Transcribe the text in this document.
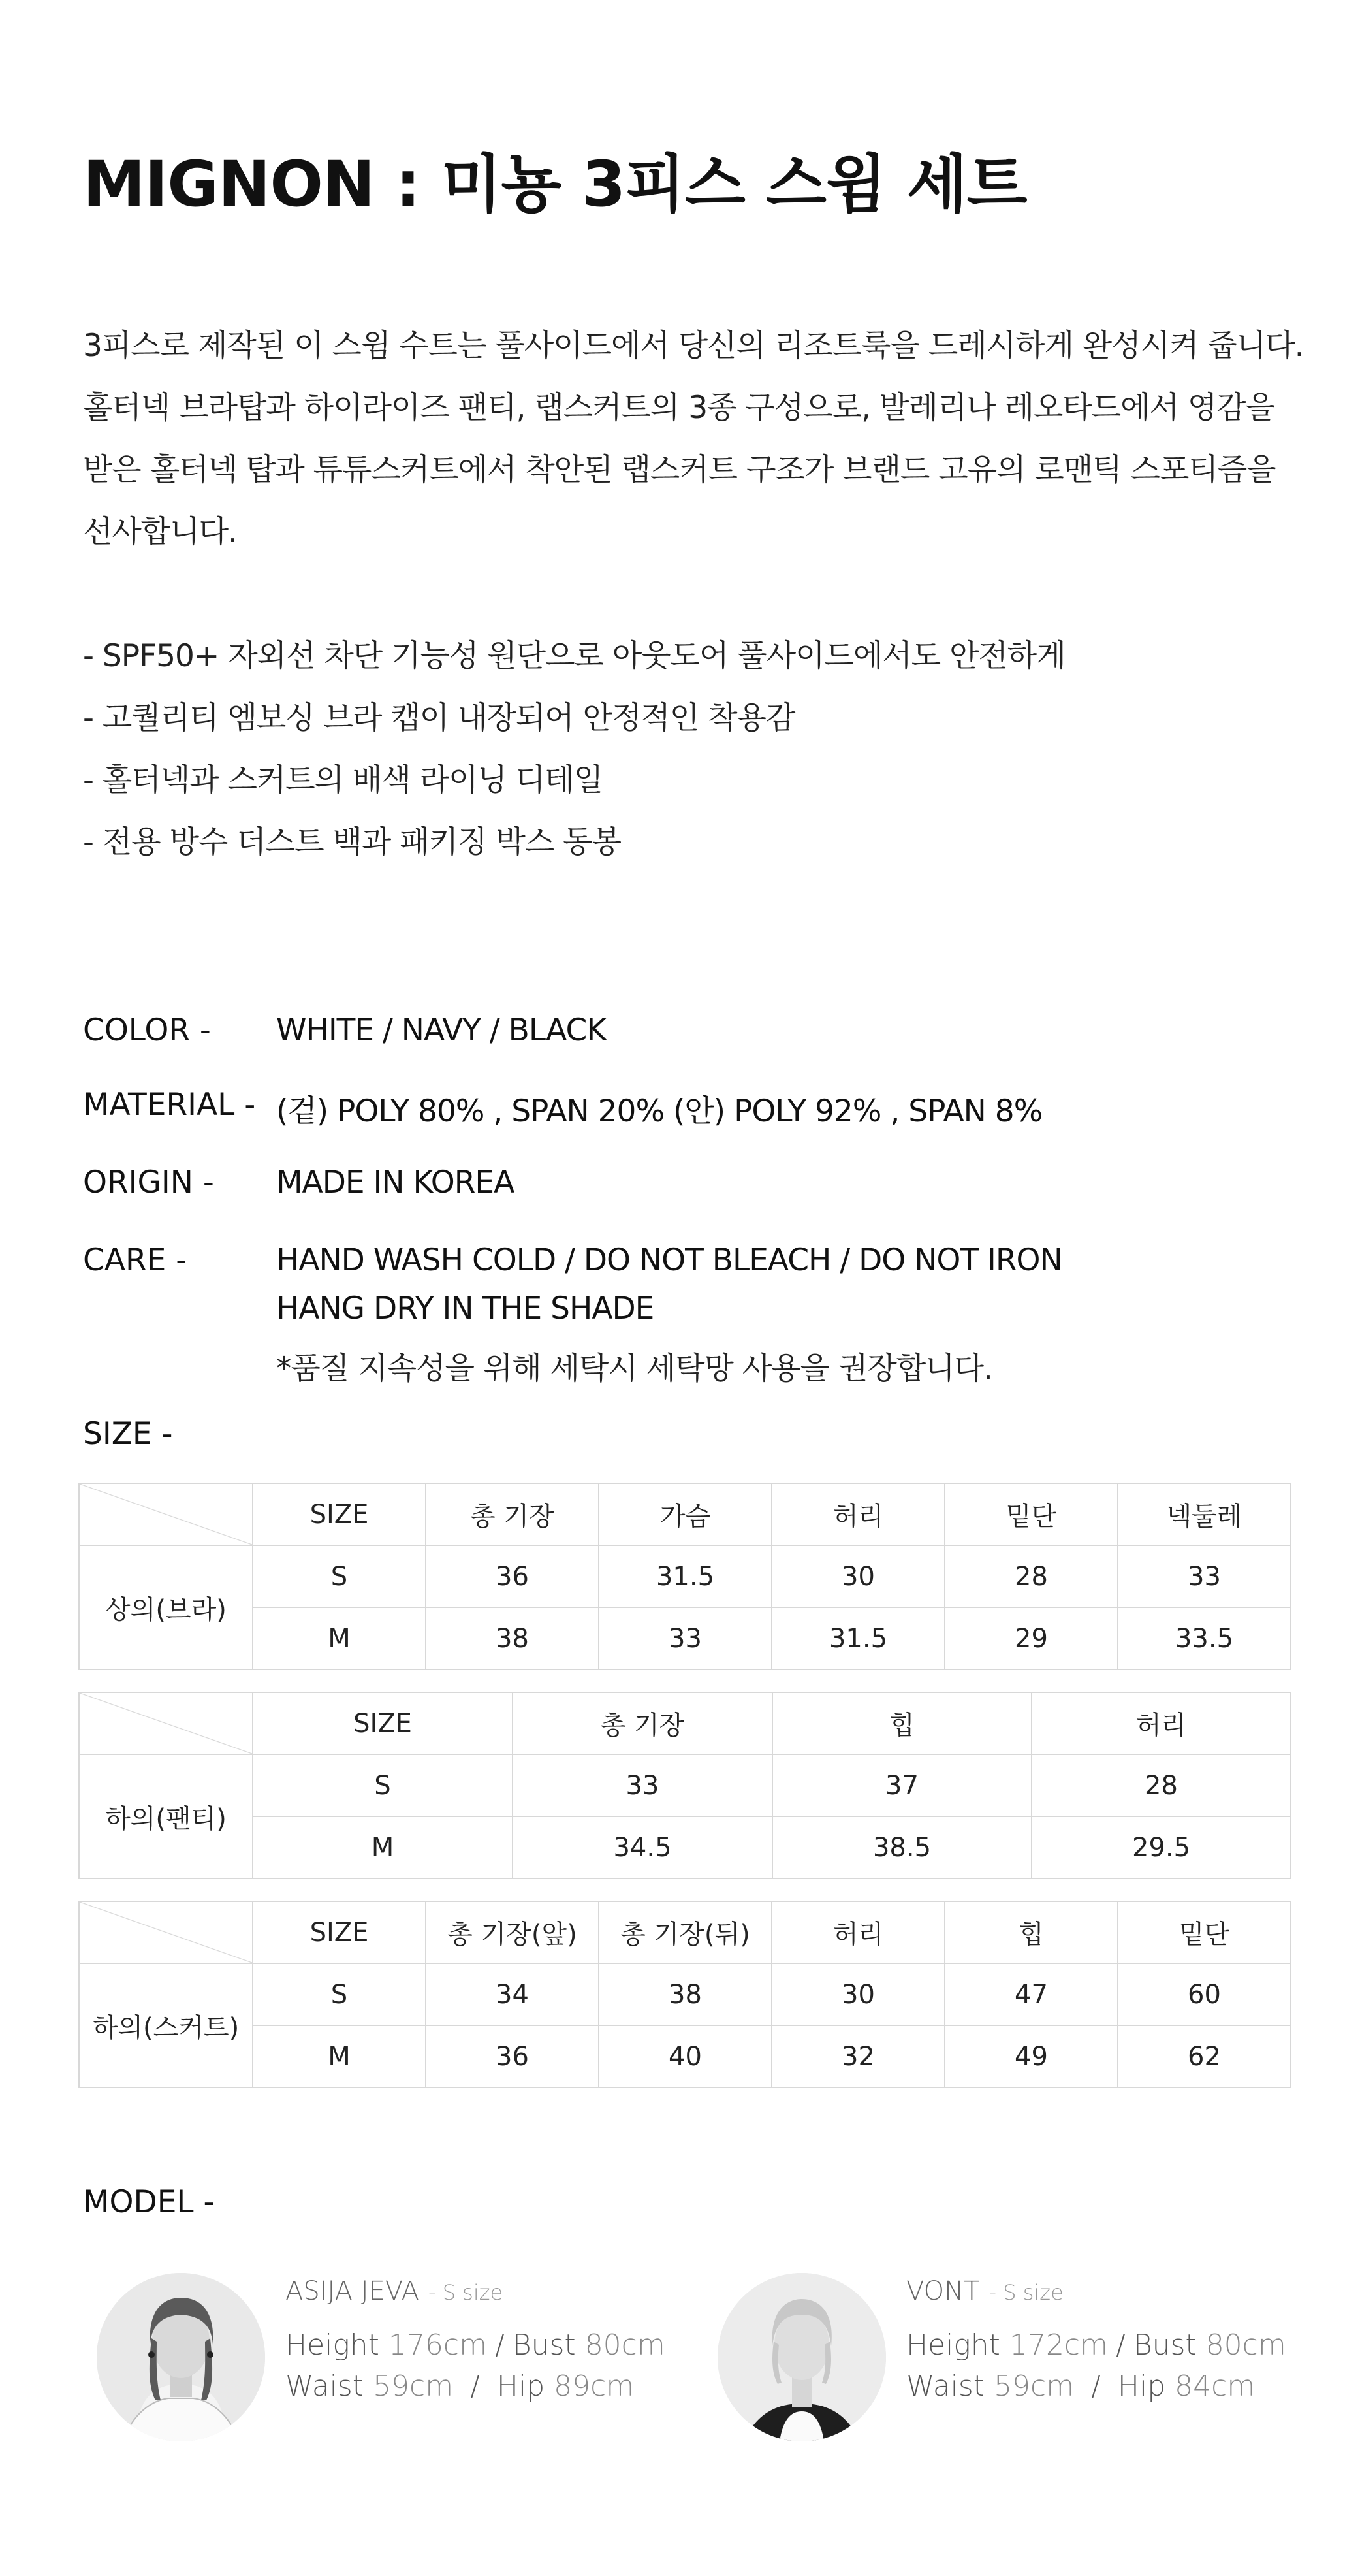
MIGNON : 미뇽 3피스 스윔 세트

3피스로 제작된 이 스윔 수트는 풀사이드에서 당신의 리조트룩을 드레시하게 완성시켜 줍니다.

홀터넥 브라탑과 하이라이즈 팬티, 랩스커트의 3종 구성으로, 발레리나 레오타드에서 영감을

받은 홀터넥 탑과 튜튜스커트에서 착안된 랩스커트 구조가 브랜드 고유의 로맨틱 스포티즘을

선사합니다.

- SPF50+ 자외선 차단 기능성 원단으로 아웃도어 풀사이드에서도 안전하게

- 고퀄리티 엠보싱 브라 캡이 내장되어 안정적인 착용감

- 홀터넥과 스커트의 배색 라이닝 디테일

- 전용 방수 더스트 백과 패키징 박스 동봉

COLOR - WHITE / NAVY / BLACK
MATERIAL - (겉) POLY 80% , SPAN 20% (안) POLY 92% , SPAN 8%
ORIGIN - MADE IN KOREA
CARE -	HAND WASH COLD / DO NOT BLEACH / DO NOT IRON
HANG DRY IN THE SHADE
*품질 지속성을 위해 세탁시 세탁망 사용을 권장합니다.
SIZE -
	SIZE	총 기장	가슴	허리	밑단	넥둘레
상의(브라)	S	36	31.5	30	28	33
	M	38	33	31.5	29	33.5
	SIZE	총 기장	힙	허리
하의(팬티)	S	33	37	28
	M	34.5	38.5	29.5
	SIZE	총 기장(앞)	총 기장(뒤)	허리	힙	밑단
하의(스커트)	S	34	38	30	47	60
	M	36	40	32	49	62
MODEL -
ASIJA JEVA - S size
Height 176cm / Bust 80cm
Waist 59cm / Hip 89cm
VONT - S size
Height 172cm / Bust 80cm
Waist 59cm / Hip 84cm
